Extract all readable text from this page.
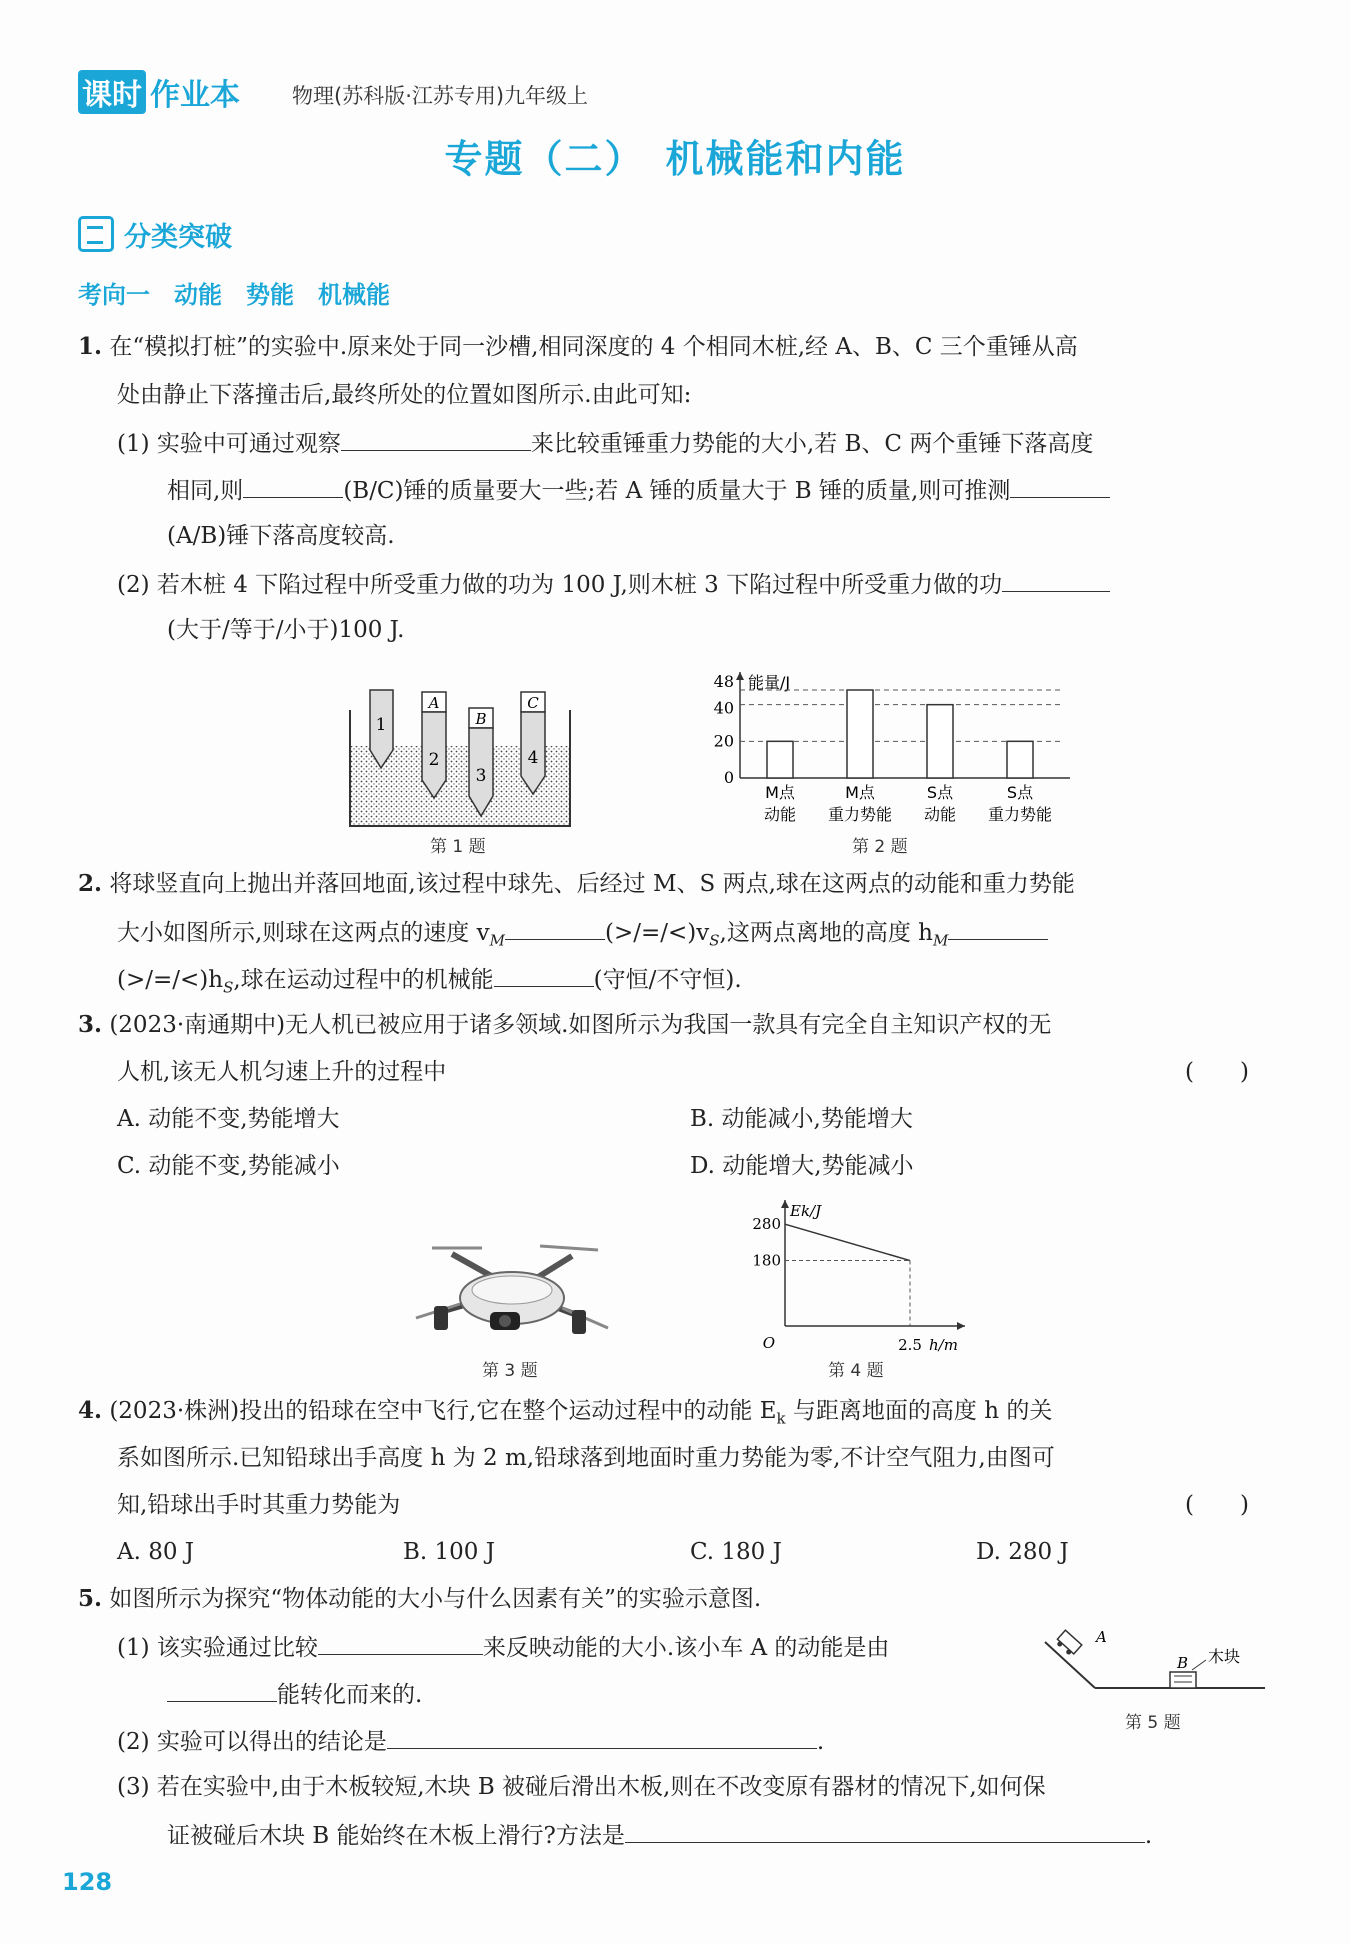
课时 作业本 物理(苏科版·江苏专用)九年级上
专题（二）　机械能和内能
分类突破
考向一　动能　势能　机械能
1. 在“模拟打桩”的实验中.原来处于同一沙槽,相同深度的 4 个相同木桩,经 A、B、C 三个重锤从高
处由静止下落撞击后,最终所处的位置如图所示.由此可知:
(1) 实验中可通过观察	来比较重锤重力势能的大小,若 B、C 两个重锤下落高度
相同,则	(B/C)锤的质量要大一些;若 A 锤的质量大于 B 锤的质量,则可推测
(A/B)锤下落高度较高.
(2) 若木桩 4 下陷过程中所受重力做的功为 100 J,则木桩 3 下陷过程中所受重力做的功
(大于/等于/小于)100 J.
1
A
2
B
3
C
4
第 1 题
能量/J
0
20
40
48
M点
动能
M点
重力势能
S点
动能
S点
重力势能
第 2 题
2. 将球竖直向上抛出并落回地面,该过程中球先、后经过 M、S 两点,球在这两点的动能和重力势能
大小如图所示,则球在这两点的速度 $v_M$	$(>/=/<)v_S$,这两点离地的高度 $h_M$
$(>/=/<)h_S$,球在运动过程中的机械能	(守恒/不守恒).
3. (2023·南通期中)无人机已被应用于诸多领域.如图所示为我国一款具有完全自主知识产权的无
人机,该无人机匀速上升的过程中	(　　)
A. 动能不变,势能增大	B. 动能减小,势能增大
C. 动能不变,势能减小	D. 动能增大,势能减小
第 3 题
Ek/J
h/m
O
280
180
2.5
第 4 题
4. (2023·株洲)投出的铅球在空中飞行,它在整个运动过程中的动能 $E_k$ 与距离地面的高度 h 的关
系如图所示.已知铅球出手高度 h 为 2 m,铅球落到地面时重力势能为零,不计空气阻力,由图可
知,铅球出手时其重力势能为	(　　)
A. 80 J	B. 100 J	C. 180 J	D. 280 J
5. 如图所示为探究“物体动能的大小与什么因素有关”的实验示意图.
(1) 该实验通过比较	来反映动能的大小.该小车 A 的动能是由
能转化而来的.
(2) 实验可以得出的结论是	.
(3) 若在实验中,由于木板较短,木块 B 被碰后滑出木板,则在不改变原有器材的情况下,如何保
证被碰后木块 B 能始终在木板上滑行?方法是	.
A
B 木块
第 5 题
128
